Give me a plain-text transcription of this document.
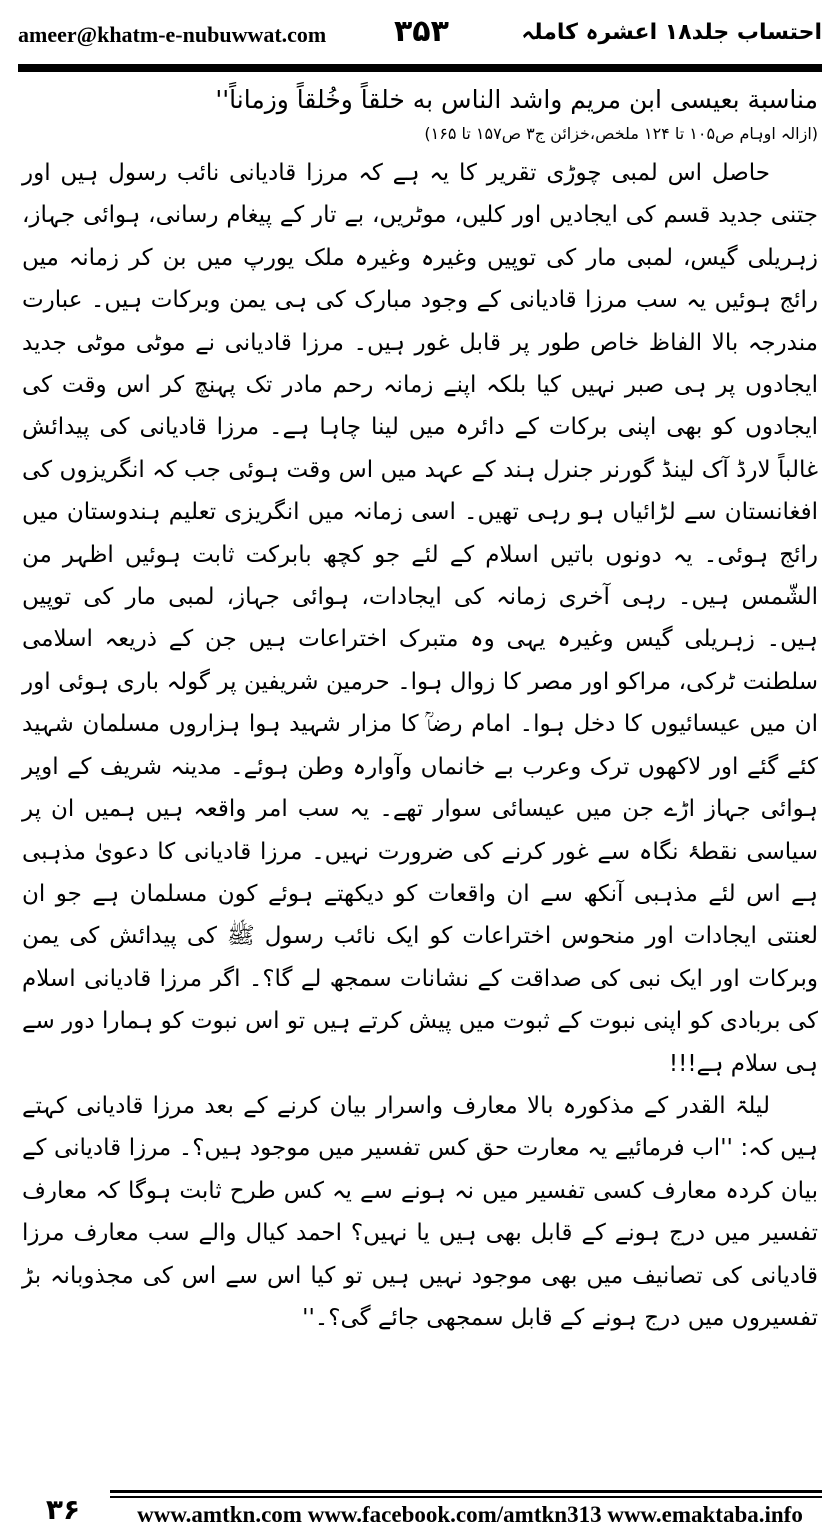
ameer@khatm-e-nubuwwat.com ۳۵۳	احتساب جلد۱۸ اعشرہ کاملہ
مناسبة بعيسى ابن مريم واشد الناس به خلقاً وخُلقاً وزماناً''
(ازالہ اوہام ص۱۰۵ تا ۱۲۴ ملخص،خزائن ج۳ ص۱۵۷ تا ۱۶۵)

حاصل اس لمبی چوڑی تقریر کا یہ ہے کہ مرزا قادیانی نائب رسول ہیں اور جتنی جدید قسم کی ایجادیں اور کلیں، موٹریں، بے تار کے پیغام رسانی، ہوائی جہاز، زہریلی گیس، لمبی مار کی توپیں وغیرہ وغیرہ ملک یورپ میں بن کر زمانہ میں رائج ہوئیں یہ سب مرزا قادیانی کے وجود مبارک کی ہی یمن وبرکات ہیں۔ عبارت مندرجہ بالا الفاظ خاص طور پر قابل غور ہیں۔ مرزا قادیانی نے موٹی موٹی جدید ایجادوں پر ہی صبر نہیں کیا بلکہ اپنے زمانہ رحم مادر تک پہنچ کر اس وقت کی ایجادوں کو بھی اپنی برکات کے دائرہ میں لینا چاہا ہے۔ مرزا قادیانی کی پیدائش غالباً لارڈ آک لینڈ گورنر جنرل ہند کے عہد میں اس وقت ہوئی جب کہ انگریزوں کی افغانستان سے لڑائیاں ہو رہی تھیں۔ اسی زمانہ میں انگریزی تعلیم ہندوستان میں رائج ہوئی۔ یہ دونوں باتیں اسلام کے لئے جو کچھ بابرکت ثابت ہوئیں اظہر من الشّمس ہیں۔ رہی آخری زمانہ کی ایجادات، ہوائی جہاز، لمبی مار کی توپیں ہیں۔ زہریلی گیس وغیرہ یہی وہ متبرک اختراعات ہیں جن کے ذریعہ اسلامی سلطنت ٹرکی، مراکو اور مصر کا زوال ہوا۔ حرمین شریفین پر گولہ باری ہوئی اور ان میں عیسائیوں کا دخل ہوا۔ امام رضاؒ کا مزار شہید ہوا ہزاروں مسلمان شہید کئے گئے اور لاکھوں ترک وعرب بے خانماں وآوارہ وطن ہوئے۔ مدینہ شریف کے اوپر ہوائی جہاز اڑے جن میں عیسائی سوار تھے۔ یہ سب امر واقعہ ہیں ہمیں ان پر سیاسی نقطۂ نگاہ سے غور کرنے کی ضرورت نہیں۔ مرزا قادیانی کا دعویٰ مذہبی ہے اس لئے مذہبی آنکھ سے ان واقعات کو دیکھتے ہوئے کون مسلمان ہے جو ان لعنتی ایجادات اور منحوس اختراعات کو ایک نائب رسول ﷺ کی پیدائش کی یمن وبرکات اور ایک نبی کی صداقت کے نشانات سمجھ لے گا؟۔ اگر مرزا قادیانی اسلام کی بربادی کو اپنی نبوت کے ثبوت میں پیش کرتے ہیں تو اس نبوت کو ہمارا دور سے ہی سلام ہے!!!

لیلۃ القدر کے مذکورہ بالا معارف واسرار بیان کرنے کے بعد مرزا قادیانی کہتے ہیں کہ: ''اب فرمائیے یہ معارت حق کس تفسیر میں موجود ہیں؟۔ مرزا قادیانی کے بیان کردہ معارف کسی تفسیر میں نہ ہونے سے یہ کس طرح ثابت ہوگا کہ معارف تفسیر میں درج ہونے کے قابل بھی ہیں یا نہیں؟ احمد کیال والے سب معارف مرزا قادیانی کی تصانیف میں بھی موجود نہیں ہیں تو کیا اس سے اس کی مجذوبانہ بڑ تفسیروں میں درج ہونے کے قابل سمجھی جائے گی؟۔''

۳۶	www.amtkn.com www.facebook.com/amtkn313 www.emaktaba.info
